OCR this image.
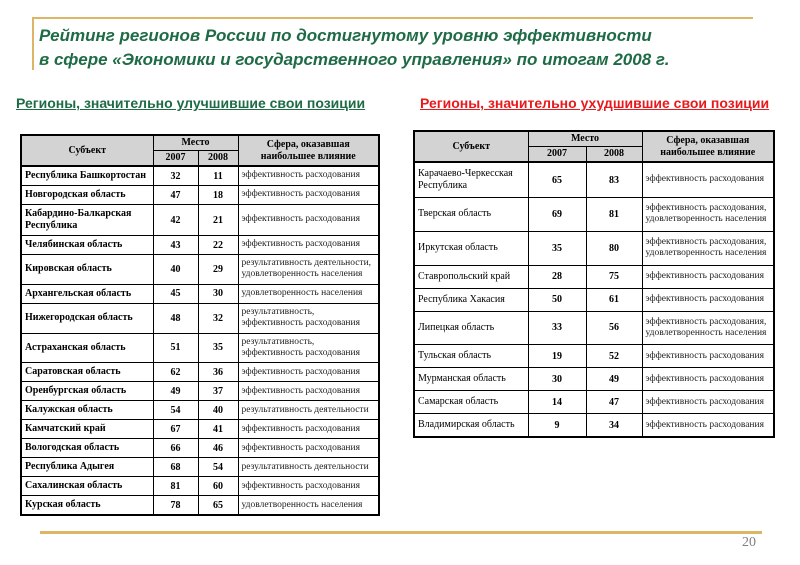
Рейтинг регионов России по достигнутому уровню эффективности
в сфере «Экономики и государственного управления» по итогам 2008 г.
Регионы, значительно улучшившие свои позиции	Регионы, значительно ухудшившие свои позиции
Субъект	Место		Сфера, оказавшая наибольшее влияние
	2007	2008	
Республика Башкортостан	32	11	эффективность расходования
Новгородская область	47	18	эффективность расходования
Кабардино-Балкарская Республика	42	21	эффективность расходования
Челябинская область	43	22	эффективность расходования
Кировская область	40	29	результативность деятельности, удовлетворенность населения
Архангельская область	45	30	удовлетворенность населения
Нижегородская область	48	32	результативность, эффективность расходования
Астраханская область	51	35	результативность, эффективность расходования
Саратовская область	62	36	эффективность расходования
Оренбургская область	49	37	эффективность расходования
Калужская область	54	40	результативность деятельности
Камчатский край	67	41	эффективность расходования
Вологодская область	66	46	эффективность расходования
Республика Адыгея	68	54	результативность деятельности
Сахалинская область	81	60	эффективность расходования
Курская область	78	65	удовлетворенность населения
Субъект	Место		Сфера, оказавшая наибольшее влияние
	2007	2008	
Карачаево-Черкесская Республика	65	83	эффективность расходования
Тверская область	69	81	эффективность расходования, удовлетворенность населения
Иркутская область	35	80	эффективность расходования, удовлетворенность населения
Ставропольский край	28	75	эффективность расходования
Республика Хакасия	50	61	эффективность расходования
Липецкая область	33	56	эффективность расходования, удовлетворенность населения
Тульская область	19	52	эффективность расходования
Мурманская область	30	49	эффективность расходования
Самарская область	14	47	эффективность расходования
Владимирская область	9	34	эффективность расходования
20
